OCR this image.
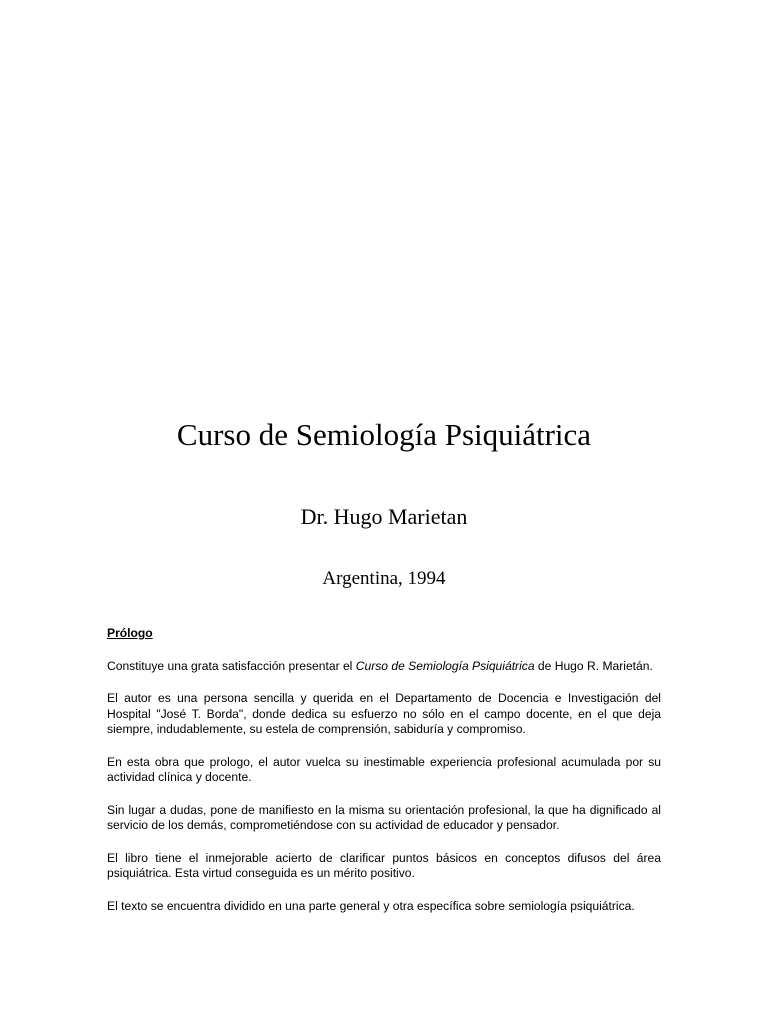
Curso de Semiología Psiquiátrica

Dr. Hugo Marietan

Argentina, 1994

Prólogo

Constituye una grata satisfacción presentar el Curso de Semiología Psiquiátrica de Hugo R. Marietán.

El autor es una persona sencilla y querida en el Departamento de Docencia e Investigación del Hospital "José T. Borda", donde dedica su esfuerzo no sólo en el campo docente, en el que deja siempre, indudablemente, su estela de comprensión, sabiduría y compromiso.

En esta obra que prologo, el autor vuelca su inestimable experiencia profesional acumulada por su actividad clínica y docente.

Sin lugar a dudas, pone de manifiesto en la misma su orientación profesional, la que ha dignificado al servicio de los demás, comprometiéndose con su actividad de educador y pensador.

El libro tiene el inmejorable acierto de clarificar puntos básicos en conceptos difusos del área psiquiátrica. Esta virtud conseguida es un mérito positivo.

El texto se encuentra dividido en una parte general y otra específica sobre semiología psiquiátrica.
